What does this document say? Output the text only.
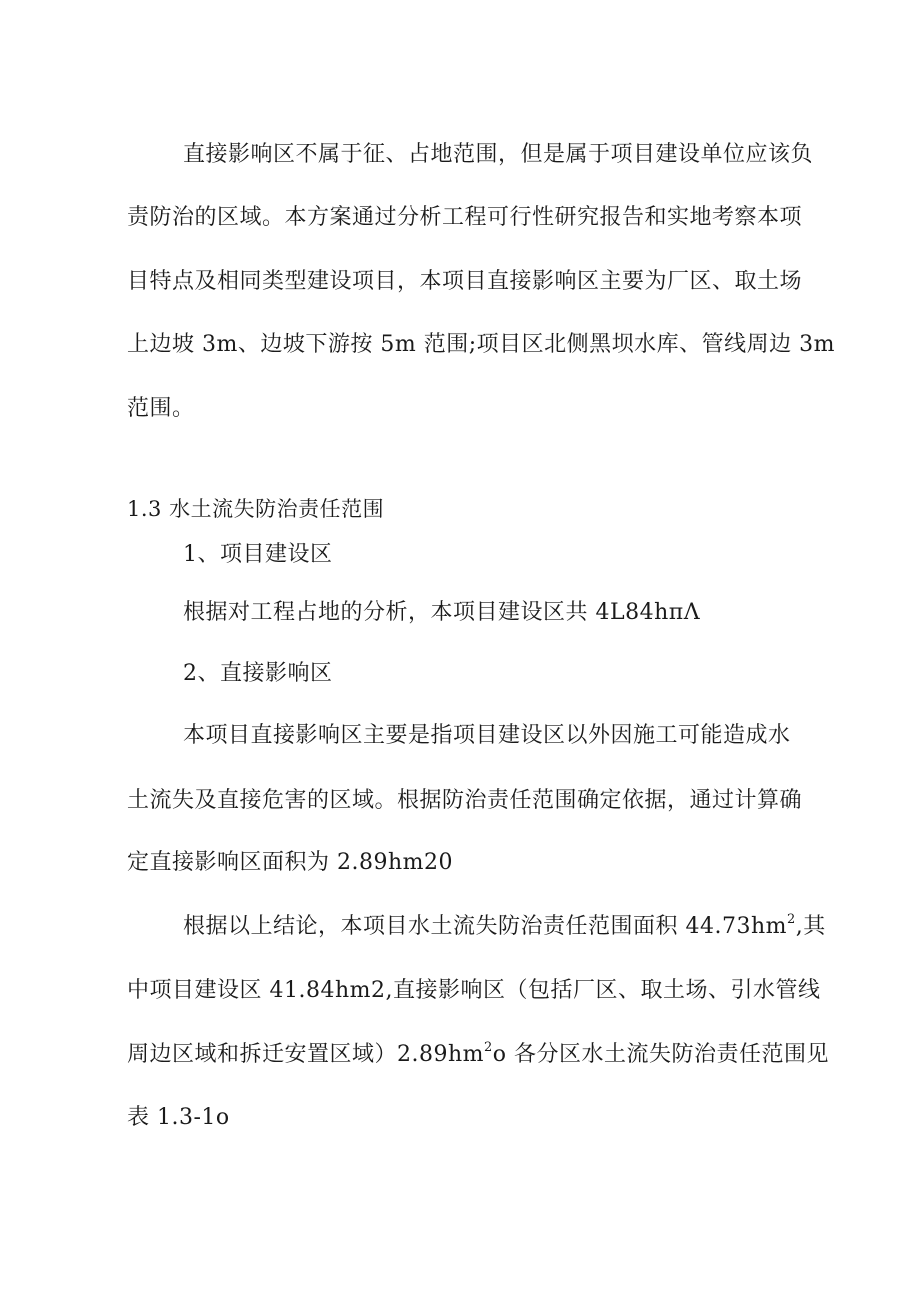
直接影响区不属于征、占地范围，但是属于项目建设单位应该负
责防治的区域。本方案通过分析工程可行性研究报告和实地考察本项
目特点及相同类型建设项目，本项目直接影响区主要为厂区、取土场
上边坡 3m、边坡下游按 5m 范围;项目区北侧黑坝水库、管线周边 3m
范围。
1.3 水土流失防治责任范围
1、项目建设区
根据对工程占地的分析，本项目建设区共 4L84hπΛ
2、直接影响区
本项目直接影响区主要是指项目建设区以外因施工可能造成水
土流失及直接危害的区域。根据防治责任范围确定依据，通过计算确
定直接影响区面积为 2.89hm20
根据以上结论，本项目水土流失防治责任范围面积 $44.73hm^2$,其
中项目建设区 41.84hm2,直接影响区（包括厂区、取土场、引水管线
周边区域和拆迁安置区域）$2.89hm^2o$ 各分区水土流失防治责任范围见
表 1.3-1o
